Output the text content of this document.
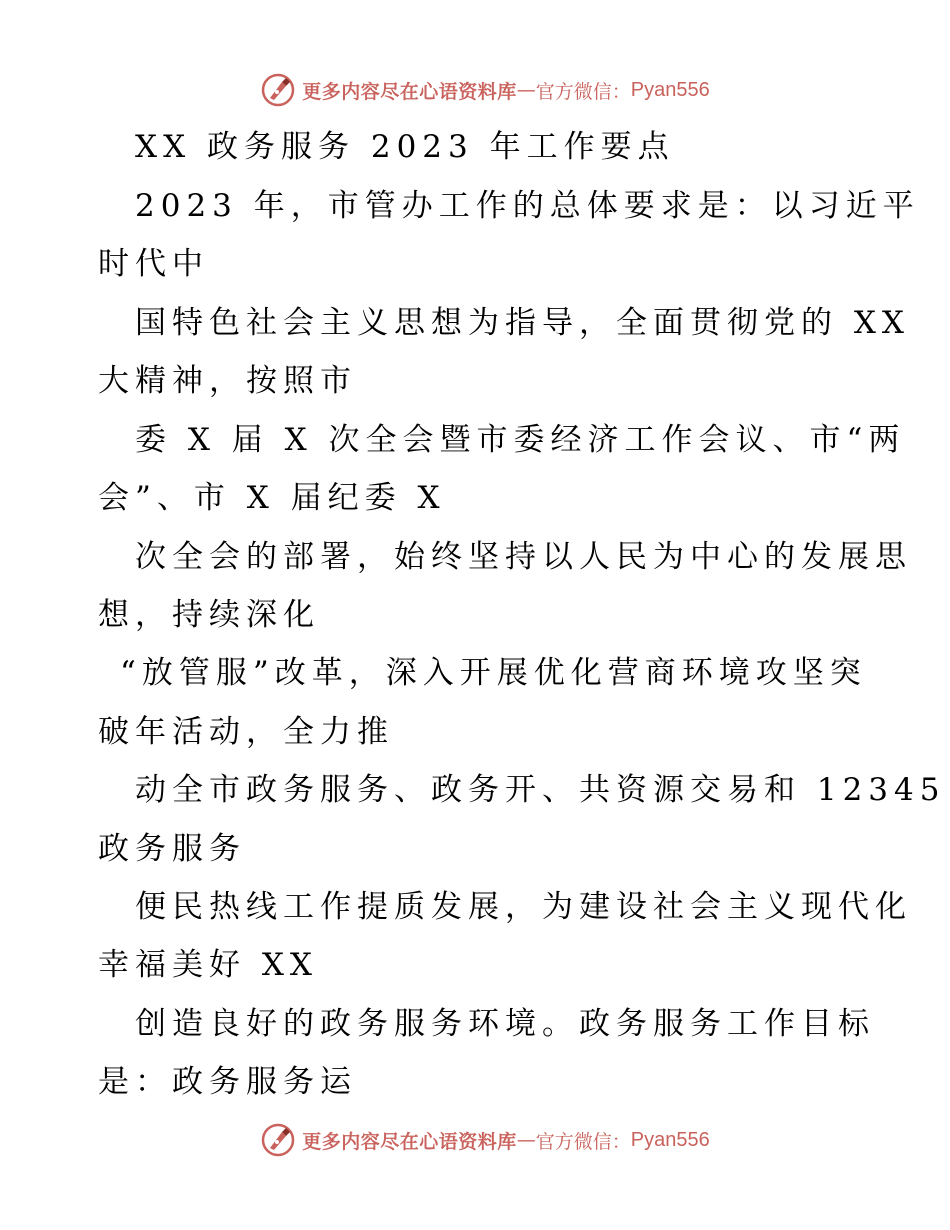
更多内容尽在心语资料库 — 官方微信： Pyan556
XX 政务服务 2023 年工作要点
2023 年，市管办工作的总体要求是：以习近平
时代中
国特色社会主义思想为指导，全面贯彻党的 XX
大精神，按照市
委 X 届 X 次全会暨市委经济工作会议、市“两
会”、市 X 届纪委 X
次全会的部署，始终坚持以人民为中心的发展思
想，持续深化
“放管服”改革，深入开展优化营商环境攻坚突
破年活动，全力推
动全市政务服务、政务开、共资源交易和 12345
政务服务
便民热线工作提质发展，为建设社会主义现代化
幸福美好 XX
创造良好的政务服务环境。政务服务工作目标
是：政务服务运
更多内容尽在心语资料库 — 官方微信： Pyan556
